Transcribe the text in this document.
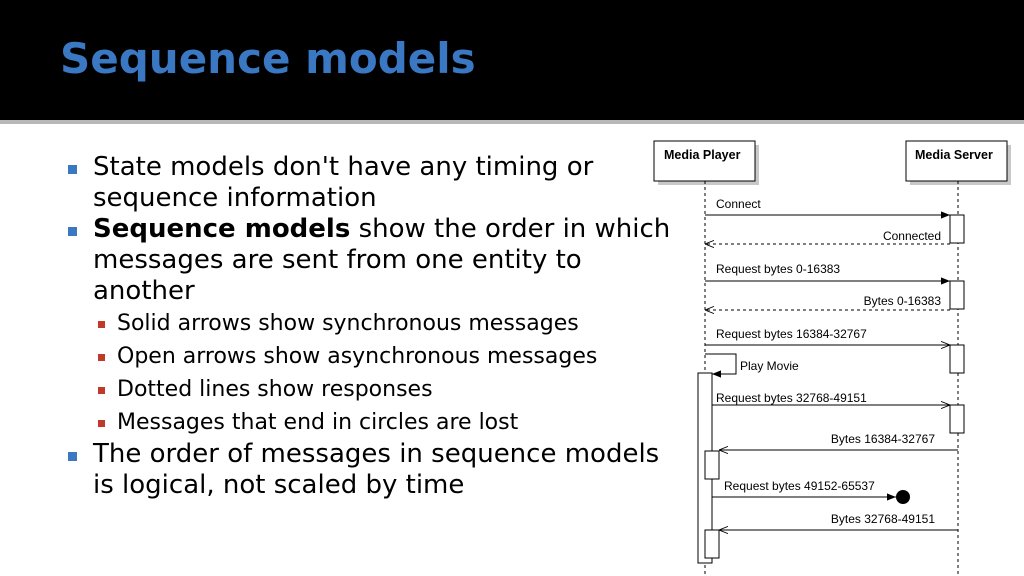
Sequence models

State models don't have any timing or sequence information

Sequence models show the order in which messages are sent from one entity to another

Solid arrows show synchronous messages

Open arrows show asynchronous messages

Dotted lines show responses

Messages that end in circles are lost

The order of messages in sequence models is logical, not scaled by time

Media Player	Media Server
Connect
Connected
Request bytes 0-16383
Bytes 0-16383
Request bytes 16384-32767
Play Movie
Request bytes 32768-49151
Bytes 16384-32767
Request bytes 49152-65537
Bytes 32768-49151
